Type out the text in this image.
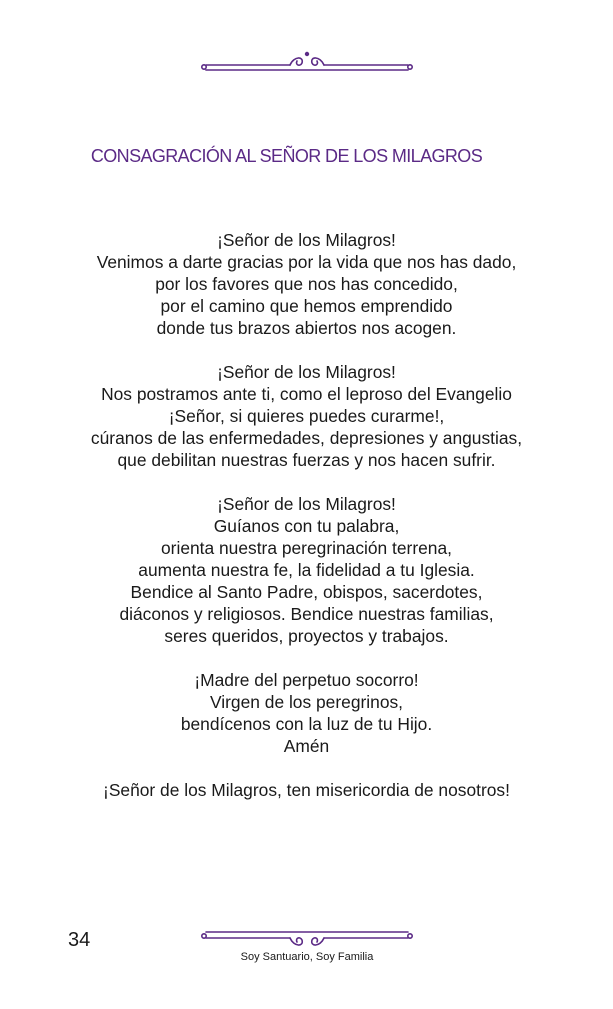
CONSAGRACIÓN AL SEÑOR DE LOS MILAGROS

¡Señor de los Milagros!
Venimos a darte gracias por la vida que nos has dado,
por los favores que nos has concedido,
por el camino que hemos emprendido
donde tus brazos abiertos nos acogen.

¡Señor de los Milagros!
Nos postramos ante ti, como el leproso del Evangelio
¡Señor, si quieres puedes curarme!,
cúranos de las enfermedades, depresiones y angustias,
que debilitan nuestras fuerzas y nos hacen sufrir.

¡Señor de los Milagros!
Guíanos con tu palabra,
orienta nuestra peregrinación terrena,
aumenta nuestra fe, la fidelidad a tu Iglesia.
Bendice al Santo Padre, obispos, sacerdotes,
diáconos y religiosos. Bendice nuestras familias,
seres queridos, proyectos y trabajos.

¡Madre del perpetuo socorro!
Virgen de los peregrinos,
bendícenos con la luz de tu Hijo.
Amén

¡Señor de los Milagros, ten misericordia de nosotros!

34
Soy Santuario, Soy Familia
